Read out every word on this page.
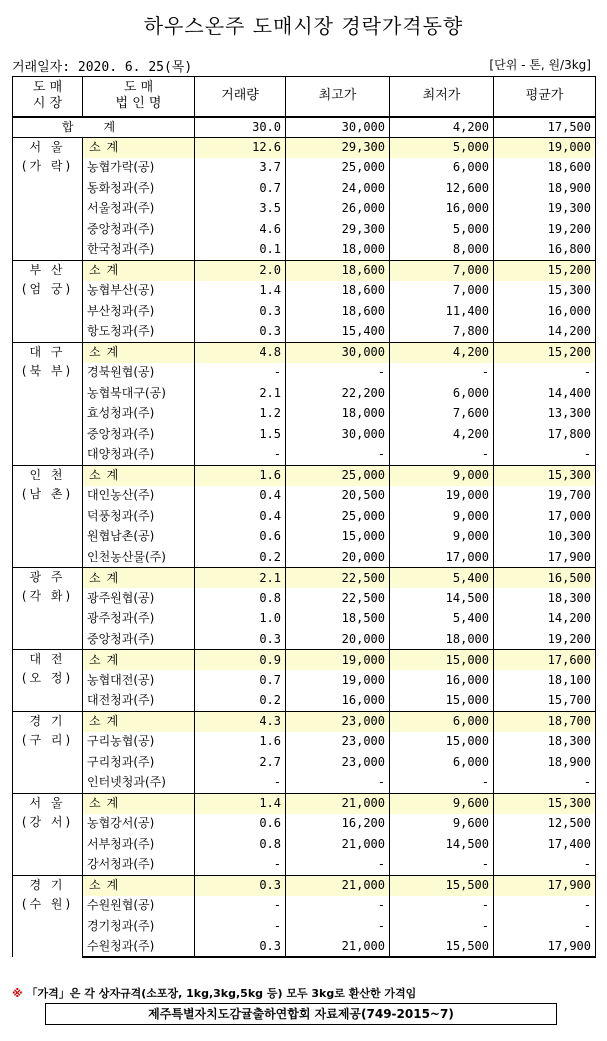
하우스온주 도매시장 경락가격동향
거래일자: 2020. 6. 25(목)	[단위 - 톤, 원/3kg]
도 매
시 장	도 매
법 인 명	거래량	최고가	최저가	평균가
합계		30.0	30,000	4,200	17,500
서 울
(가 락)	소계	12.6	29,300	5,000	19,000
	농협가락(공)	3.7	25,000	6,000	18,600
	동화청과(주)	0.7	24,000	12,600	18,900
	서울청과(주)	3.5	26,000	16,000	19,300
	중앙청과(주)	4.6	29,300	5,000	19,200
	한국청과(주)	0.1	18,000	8,000	16,800
부 산
(엄 궁)	소계	2.0	18,600	7,000	15,200
	농협부산(공)	1.4	18,600	7,000	15,300
	부산청과(주)	0.3	18,600	11,400	16,000
	항도청과(주)	0.3	15,400	7,800	14,200
대 구
(북 부)	소계	4.8	30,000	4,200	15,200
	경북원협(공)	-	-	-	-
	농협북대구(공)	2.1	22,200	6,000	14,400
	효성청과(주)	1.2	18,000	7,600	13,300
	중앙청과(주)	1.5	30,000	4,200	17,800
	대양청과(주)	-	-	-	-
인 천
(남 촌)	소계	1.6	25,000	9,000	15,300
	대인농산(주)	0.4	20,500	19,000	19,700
	덕풍청과(주)	0.4	25,000	9,000	17,000
	원협남촌(공)	0.6	15,000	9,000	10,300
	인천농산물(주)	0.2	20,000	17,000	17,900
광 주
(각 화)	소계	2.1	22,500	5,400	16,500
	광주원협(공)	0.8	22,500	14,500	18,300
	광주청과(주)	1.0	18,500	5,400	14,200
	중앙청과(주)	0.3	20,000	18,000	19,200
대 전
(오 정)	소계	0.9	19,000	15,000	17,600
	농협대전(공)	0.7	19,000	16,000	18,100
	대전청과(주)	0.2	16,000	15,000	15,700
경 기
(구 리)	소계	4.3	23,000	6,000	18,700
	구리농협(공)	1.6	23,000	15,000	18,300
	구리청과(주)	2.7	23,000	6,000	18,900
	인터넷청과(주)	-	-	-	-
서 울
(강 서)	소계	1.4	21,000	9,600	15,300
	농협강서(공)	0.6	16,200	9,600	12,500
	서부청과(주)	0.8	21,000	14,500	17,400
	강서청과(주)	-	-	-	-
경 기
(수 원)	소계	0.3	21,000	15,500	17,900
	수원원협(공)	-	-	-	-
	경기청과(주)	-	-	-	-
	수원청과(주)	0.3	21,000	15,500	17,900
※ 「가격」은 각 상자규격(소포장, 1kg,3kg,5kg 등) 모두 3kg로 환산한 가격임
제주특별자치도감귤출하연합회 자료제공(749-2015~7)
